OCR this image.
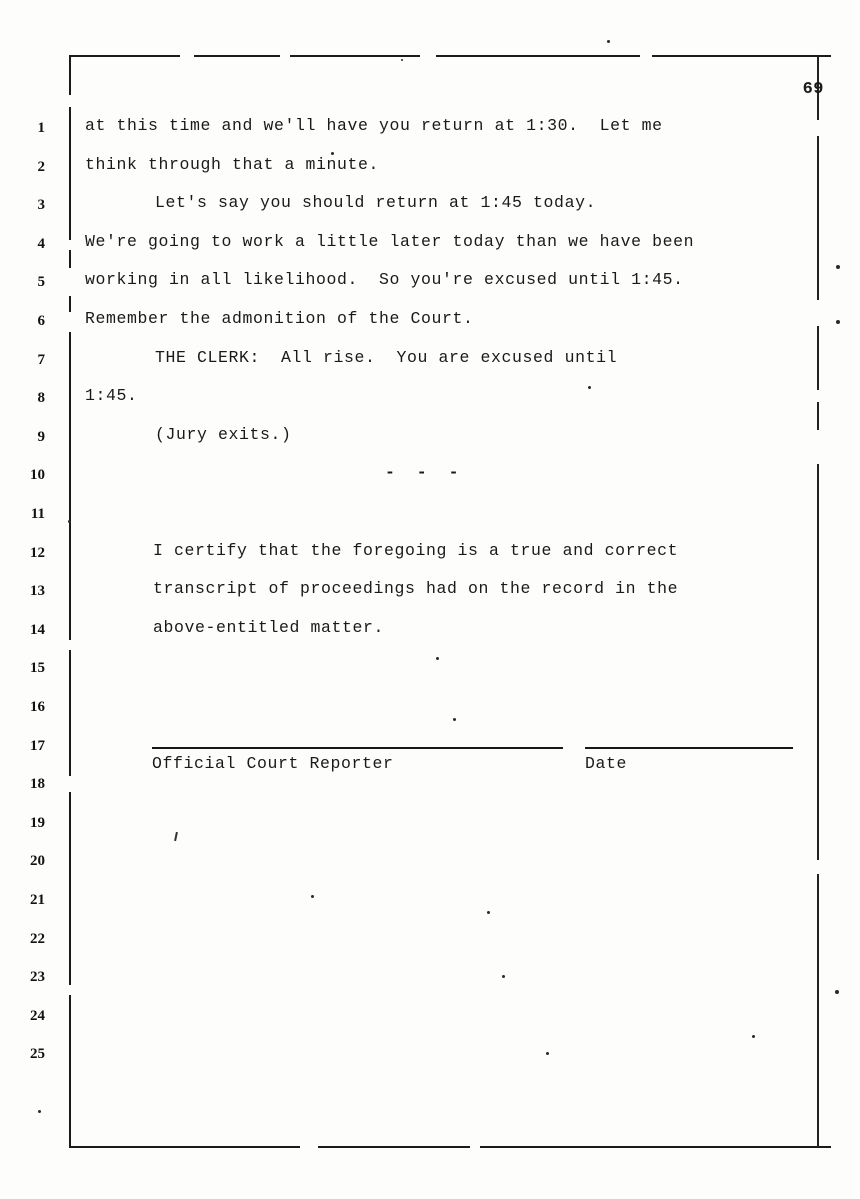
69
1
2
3
4
5
6
7
8
9
10
11
12
13
14
15
16
17
18
19
20
21
22
23
24
25
at this time and we'll have you return at 1:30.  Let me
think through that a minute.
Let's say you should return at 1:45 today.
We're going to work a little later today than we have been
working in all likelihood.  So you're excused until 1:45.
Remember the admonition of the Court.
THE CLERK:  All rise.  You are excused until
1:45.
(Jury exits.)
- - -
I certify that the foregoing is a true and correct
transcript of proceedings had on the record in the
above-entitled matter.
Official Court Reporter	Date
